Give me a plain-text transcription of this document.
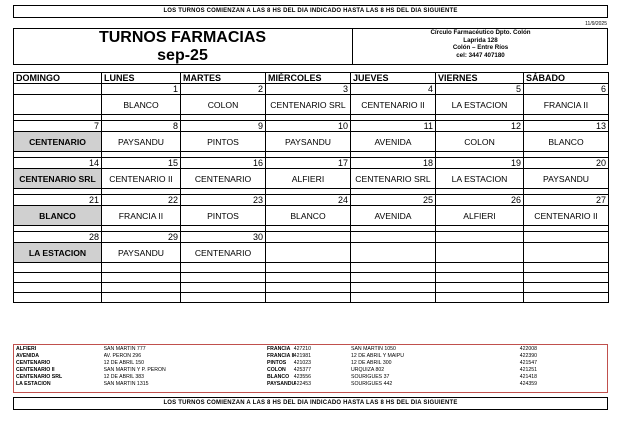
LOS TURNOS COMIENZAN A LAS 8 HS DEL DIA INDICADO HASTA LAS 8 HS DEL DIA SIGUIENTE
11/9/2025
TURNOS FARMACIAS
sep-25
Círculo Farmacéutico Dpto. Colón
Laprida 128
Colón – Entre Ríos
cel: 3447 407180
DOMINGO	LUNES	MARTES	MIÉRCOLES	JUEVES	VIERNES	SÁBADO
	1	2	3	4	5	6
	BLANCO	COLON	CENTENARIO SRL	CENTENARIO II	LA ESTACION	FRANCIA II

7	8	9	10	11	12	13
CENTENARIO	PAYSANDU	PINTOS	PAYSANDU	AVENIDA	COLON	BLANCO

14	15	16	17	18	19	20
CENTENARIO SRL	CENTENARIO II	CENTENARIO	ALFIERI	CENTENARIO SRL	LA ESTACION	PAYSANDU

21	22	23	24	25	26	27
BLANCO	FRANCIA II	PINTOS	BLANCO	AVENIDA	ALFIERI	CENTENARIO II

28	29	30				
LA ESTACION	PAYSANDU	CENTENARIO				

ALFIERI	SAN MARTIN 777	427210
AVENIDA	AV. PERON 296	421981
CENTENARIO	12 DE ABRIL 150	421023
CENTENARIO II	SAN MARTIN Y P. PERON	425377
CENTENARIO SRL	12 DE ABRIL 383	423556
LA ESTACION	SAN MARTIN 1315	422453
FRANCIA	SAN MARTIN 1050	422008
FRANCIA II	12 DE ABRIL Y MAIPU	422390
PINTOS	12 DE ABRIL 300	421547
COLON	URQUIZA 802	421251
BLANCO	SOURIGUES 37	421418
PAYSANDU	SOURIGUES 442	424359
LOS TURNOS COMIENZAN A LAS 8 HS DEL DIA INDICADO HASTA LAS 8 HS DEL DIA SIGUIENTE
